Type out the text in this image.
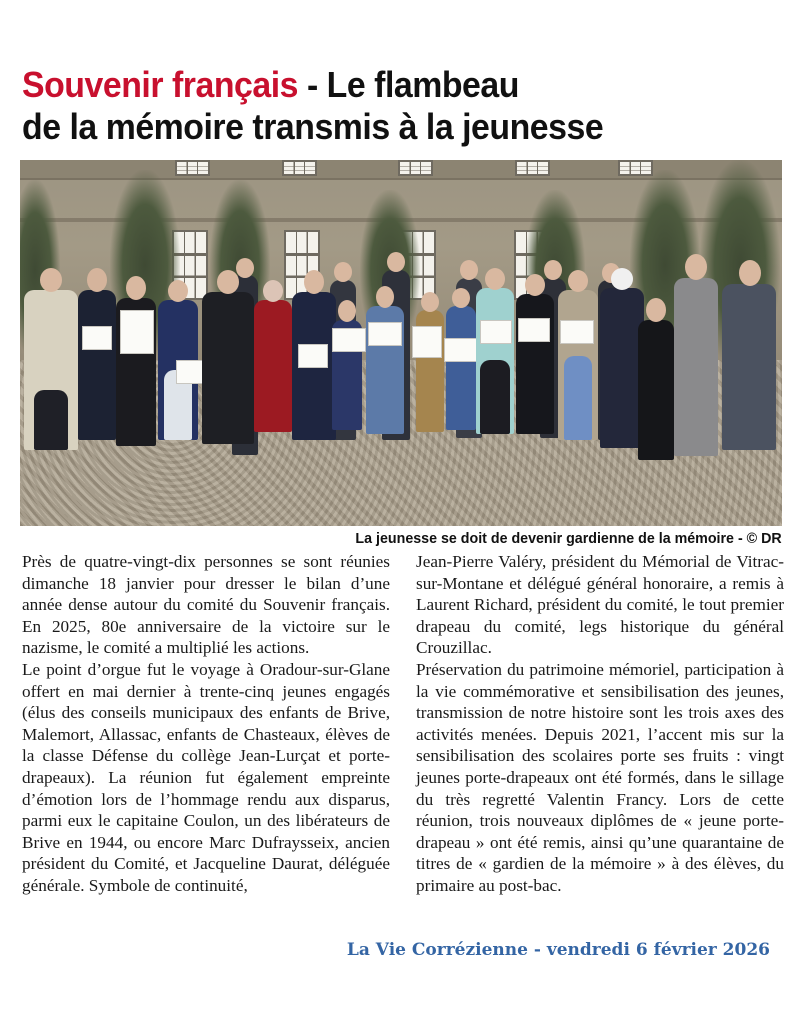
Souvenir français - Le flambeau
de la mémoire transmis à la jeunesse
La jeunesse se doit de devenir gardienne de la mémoire - © DR

Près de quatre-vingt-dix personnes se sont réunies dimanche 18 janvier pour dresser le bilan d’une année dense autour du comité du Souvenir français. En 2025, 80e anniversaire de la victoire sur le nazisme, le comité a multiplié les actions.

Le point d’orgue fut le voyage à Oradour-sur-Glane offert en mai dernier à trente-cinq jeunes engagés (élus des conseils municipaux des enfants de Brive, Malemort, Allassac, enfants de Chasteaux, élèves de la classe Défense du collège Jean-Lurçat et porte-drapeaux). La réunion fut également empreinte d’émotion lors de l’hommage rendu aux disparus, parmi eux le capitaine Coulon, un des libérateurs de Brive en 1944, ou encore Marc Dufraysseix, ancien président du Comité, et Jacqueline Daurat, déléguée générale. Symbole de continuité,

Jean-Pierre Valéry, président du Mémorial de Vitrac-sur-Montane et délégué général honoraire, a remis à Laurent Richard, président du comité, le tout premier drapeau du comité, legs historique du général Crouzillac.

Préservation du patrimoine mémoriel, participation à la vie commémorative et sensibilisation des jeunes, transmission de notre histoire sont les trois axes des activités menées. Depuis 2021, l’accent mis sur la sensibilisation des scolaires porte ses fruits : vingt jeunes porte-drapeaux ont été formés, dans le sillage du très regretté Valentin Francy. Lors de cette réunion, trois nouveaux diplômes de « jeune porte-drapeau » ont été remis, ainsi qu’une quarantaine de titres de « gardien de la mémoire » à des élèves, du primaire au post-bac.

La Vie Corrézienne - vendredi 6 février 2026
